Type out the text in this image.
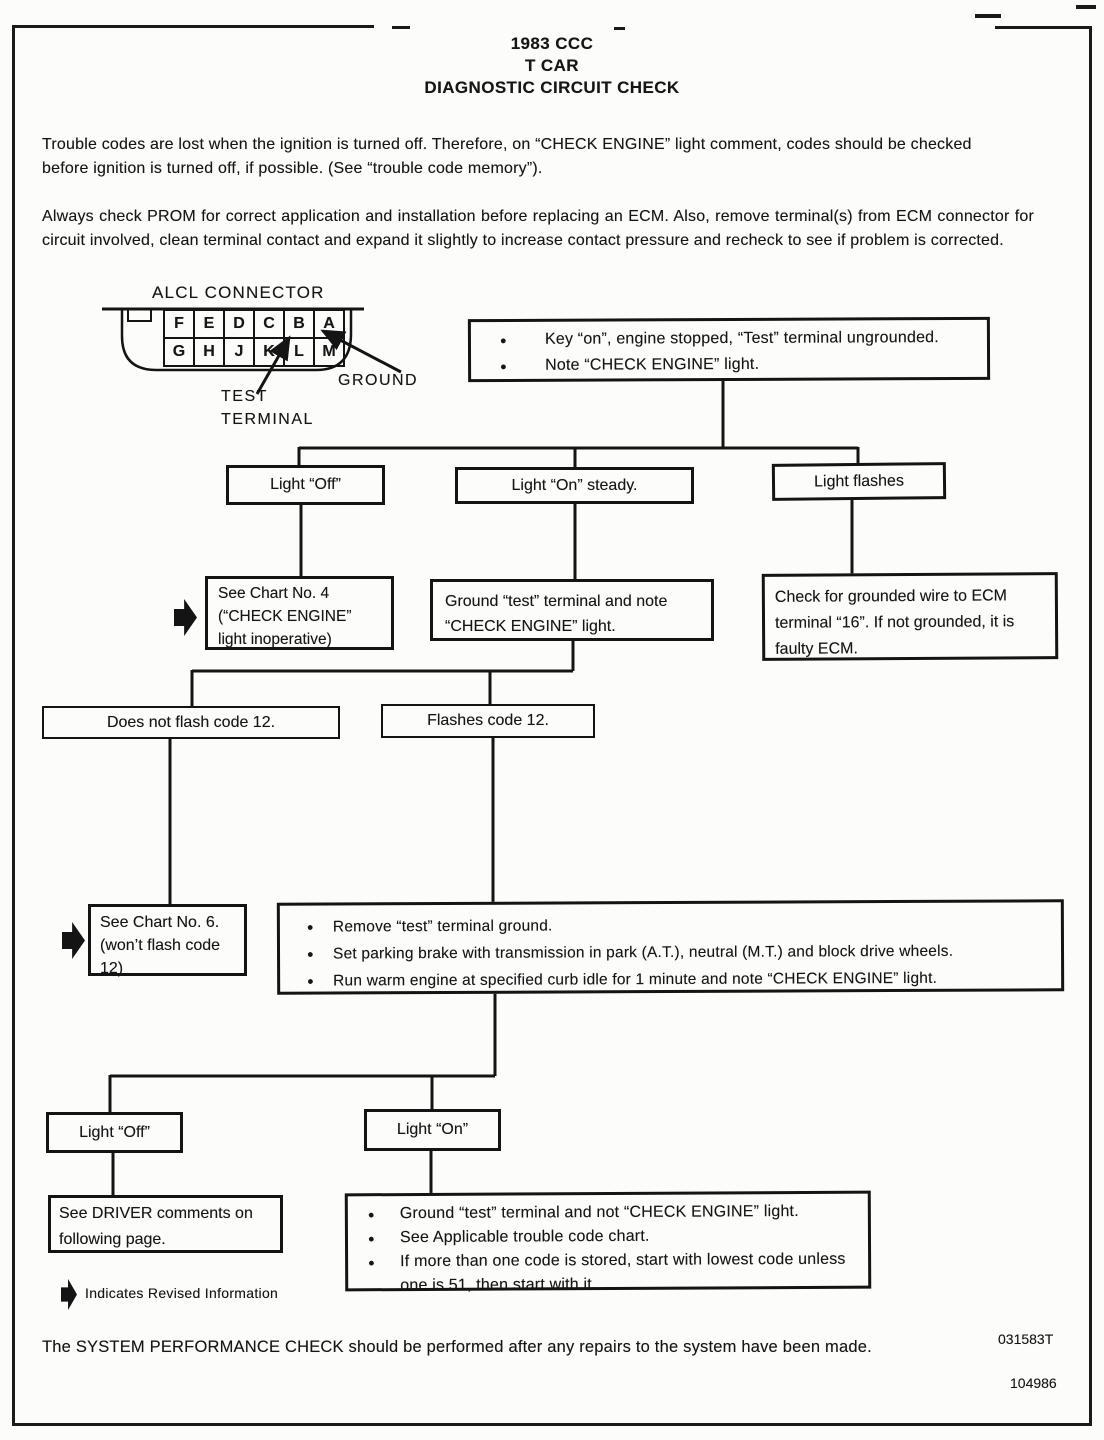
1983 CCC
T CAR
DIAGNOSTIC CIRCUIT CHECK

Trouble codes are lost when the ignition is turned off. Therefore, on “CHECK ENGINE” light comment, codes should be checked before ignition is turned off, if possible. (See “trouble code memory”).

Always check PROM for correct application and installation before replacing an ECM. Also, remove terminal(s) from ECM connector for circuit involved, clean terminal contact and expand it slightly to increase contact pressure and recheck to see if problem is corrected.

ALCL CONNECTOR
F	E	D	C	B	A
G	H	J	K	L	M
TEST
TERMINAL
GROUND
● Key “on”, engine stopped, “Test” terminal ungrounded.
● Note “CHECK ENGINE” light.
Light “Off”	Light “On” steady.	Light flashes
See Chart No. 4 (“CHECK ENGINE” light inoperative)
Ground “test” terminal and note “CHECK ENGINE” light.
Check for grounded wire to ECM terminal “16”. If not grounded, it is faulty ECM.
Does not flash code 12.	Flashes code 12.
See Chart No. 6. (won’t flash code 12)
● Remove “test” terminal ground.
● Set parking brake with transmission in park (A.T.), neutral (M.T.) and block drive wheels.
● Run warm engine at specified curb idle for 1 minute and note “CHECK ENGINE” light.
Light “Off”	Light “On”
See DRIVER comments on following page.
● Ground “test” terminal and not “CHECK ENGINE” light.
● See Applicable trouble code chart.
● If more than one code is stored, start with lowest code unless one is 51, then start with it.
Indicates Revised Information
The SYSTEM PERFORMANCE CHECK should be performed after any repairs to the system have been made.	031583T
104986
